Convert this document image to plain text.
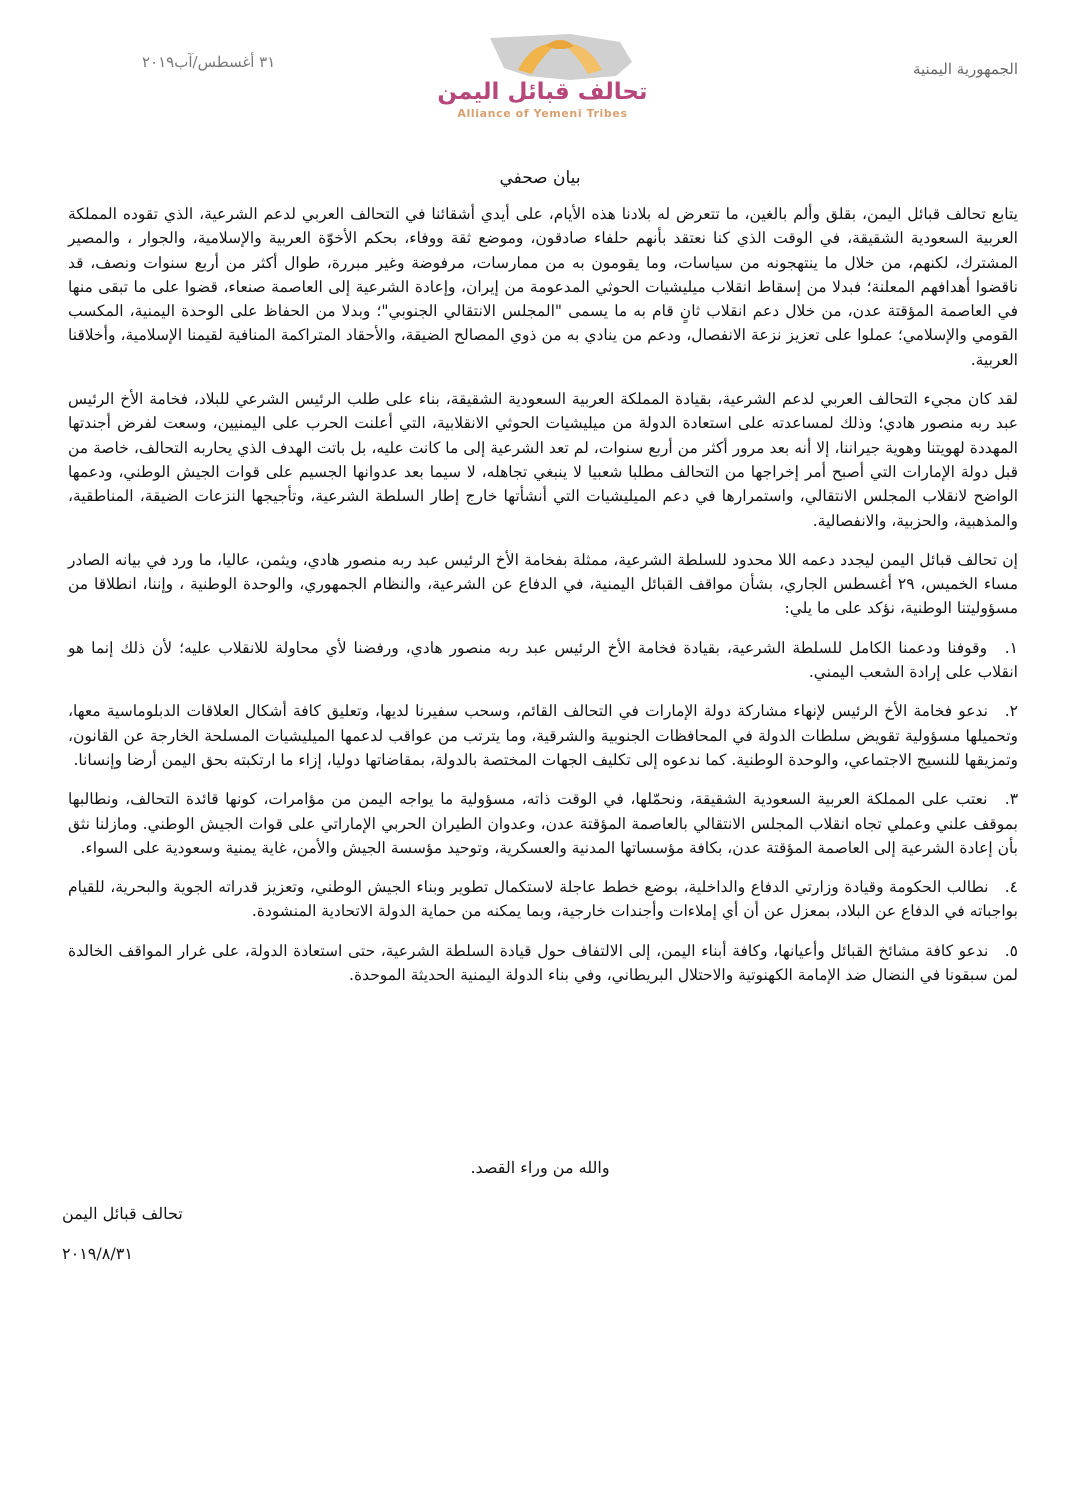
الجمهورية اليمنية
٣١ أغسطس/آب٢٠١٩
تحالف قبائل اليمن
Alliance of Yemeni Tribes
بيان صحفي

يتابع تحالف قبائل اليمن، بقلق وألم بالغين، ما تتعرض له بلادنا هذه الأيام، على أيدي أشقائنا في التحالف العربي لدعم الشرعية، الذي تقوده المملكة العربية السعودية الشقيقة، في الوقت الذي كنا نعتقد بأنهم حلفاء صادقون، وموضع ثقة ووفاء، بحكم الأخوّة العربية والإسلامية، والجوار ، والمصير المشترك، لكنهم، من خلال ما ينتهجونه من سياسات، وما يقومون به من ممارسات، مرفوضة وغير مبررة، طوال أكثر من أربع سنوات ونصف، قد ناقضوا أهدافهم المعلنة؛ فبدلا من إسقاط انقلاب ميليشيات الحوثي المدعومة من إيران، وإعادة الشرعية إلى العاصمة صنعاء، قضوا على ما تبقى منها في العاصمة المؤقتة عدن، من خلال دعم انقلاب ثانٍ قام به ما يسمى "المجلس الانتقالي الجنوبي"؛ وبدلا من الحفاظ على الوحدة اليمنية، المكسب القومي والإسلامي؛ عملوا على تعزيز نزعة الانفصال، ودعم من ينادي به من ذوي المصالح الضيقة، والأحقاد المتراكمة المنافية لقيمنا الإسلامية، وأخلاقنا العربية.

لقد كان مجيء التحالف العربي لدعم الشرعية، بقيادة المملكة العربية السعودية الشقيقة، بناء على طلب الرئيس الشرعي للبلاد، فخامة الأخ الرئيس عبد ربه منصور هادي؛ وذلك لمساعدته على استعادة الدولة من ميليشيات الحوثي الانقلابية، التي أعلنت الحرب على اليمنيين، وسعت لفرض أجندتها المهددة لهويتنا وهوية جيراننا، إلا أنه بعد مرور أكثر من أربع سنوات، لم تعد الشرعية إلى ما كانت عليه، بل باتت الهدف الذي يحاربه التحالف، خاصة من قبل دولة الإمارات التي أصبح أمر إخراجها من التحالف مطلبا شعبيا لا ينبغي تجاهله، لا سيما بعد عدوانها الجسيم على قوات الجيش الوطني، ودعمها الواضح لانقلاب المجلس الانتقالي، واستمرارها في دعم الميليشيات التي أنشأتها خارج إطار السلطة الشرعية، وتأجيجها النزعات الضيقة، المناطقية، والمذهبية، والحزبية، والانفصالية.

إن تحالف قبائل اليمن ليجدد دعمه اللا محدود للسلطة الشرعية، ممثلة بفخامة الأخ الرئيس عبد ربه منصور هادي، ويثمن، عاليا، ما ورد في بيانه الصادر مساء الخميس، ٢٩ أغسطس الجاري، بشأن مواقف القبائل اليمنية، في الدفاع عن الشرعية، والنظام الجمهوري، والوحدة الوطنية ، وإننا، انطلاقا من مسؤوليتنا الوطنية، نؤكد على ما يلي:

١. وقوفنا ودعمنا الكامل للسلطة الشرعية، بقيادة فخامة الأخ الرئيس عبد ربه منصور هادي، ورفضنا لأي محاولة للانقلاب عليه؛ لأن ذلك إنما هو انقلاب على إرادة الشعب اليمني.

٢. ندعو فخامة الأخ الرئيس لإنهاء مشاركة دولة الإمارات في التحالف القائم، وسحب سفيرنا لديها، وتعليق كافة أشكال العلاقات الدبلوماسية معها، وتحميلها مسؤولية تقويض سلطات الدولة في المحافظات الجنوبية والشرقية، وما يترتب من عواقب لدعمها الميليشيات المسلحة الخارجة عن القانون، وتمزيقها للنسيج الاجتماعي، والوحدة الوطنية. كما ندعوه إلى تكليف الجهات المختصة بالدولة، بمقاضاتها دوليا، إزاء ما ارتكبته بحق اليمن أرضا وإنسانا.

٣. نعتب على المملكة العربية السعودية الشقيقة، ونحمّلها، في الوقت ذاته، مسؤولية ما يواجه اليمن من مؤامرات، كونها قائدة التحالف، ونطالبها بموقف علني وعملي تجاه انقلاب المجلس الانتقالي بالعاصمة المؤقتة عدن، وعدوان الطيران الحربي الإماراتي على قوات الجيش الوطني. ومازلنا نثق بأن إعادة الشرعية إلى العاصمة المؤقتة عدن، بكافة مؤسساتها المدنية والعسكرية، وتوحيد مؤسسة الجيش والأمن، غاية يمنية وسعودية على السواء.

٤. نطالب الحكومة وقيادة وزارتي الدفاع والداخلية، بوضع خطط عاجلة لاستكمال تطوير وبناء الجيش الوطني، وتعزيز قدراته الجوية والبحرية، للقيام بواجباته في الدفاع عن البلاد، بمعزل عن أن أي إملاءات وأجندات خارجية، وبما يمكنه من حماية الدولة الاتحادية المنشودة.

٥. ندعو كافة مشائخ القبائل وأعيانها، وكافة أبناء اليمن، إلى الالتفاف حول قيادة السلطة الشرعية، حتى استعادة الدولة، على غرار المواقف الخالدة لمن سبقونا في النضال ضد الإمامة الكهنوتية والاحتلال البريطاني، وفي بناء الدولة اليمنية الحديثة الموحدة.

والله من وراء القصد.
تحالف قبائل اليمن
٢٠١٩/٨/٣١
